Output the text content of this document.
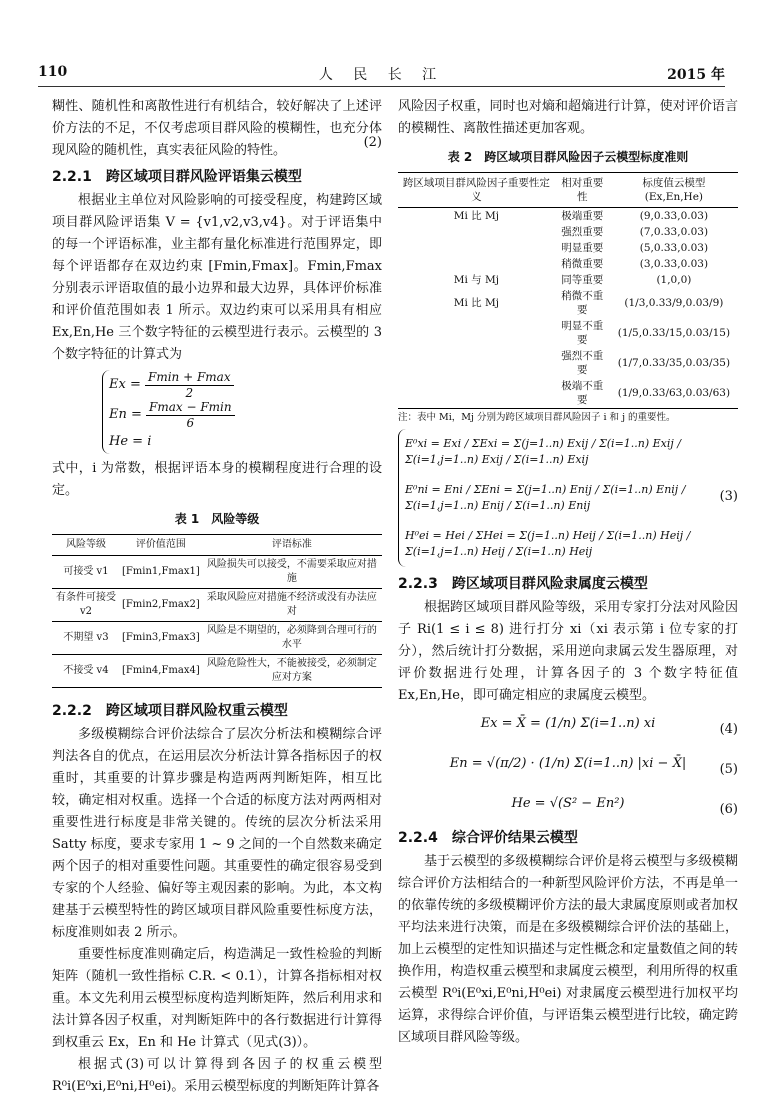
110	人 民 长 江	2015 年

糊性、随机性和离散性进行有机结合，较好解决了上述评价方法的不足，不仅考虑项目群风险的模糊性，也充分体现风险的随机性，真实表征风险的特性。

2.2.1　跨区域项目群风险评语集云模型

根据业主单位对风险影响的可接受程度，构建跨区域项目群风险评语集 V = {v1,v2,v3,v4}。对于评语集中的每一个评语标准，业主都有量化标准进行范围界定，即每个评语都存在双边约束 [Fmin,Fmax]。Fmin,Fmax 分别表示评语取值的最小边界和最大边界，具体评价标准和评价值范围如表 1 所示。双边约束可以采用具有相应 Ex,En,He 三个数字特征的云模型进行表示。云模型的 3 个数字特征的计算式为

Ex =
$\frac{Fmin + Fmax}{2}$
En =
$\frac{Fmax - Fmin}{6}$
He = i
(2)

式中，i 为常数，根据评语本身的模糊程度进行合理的设定。

表 1　风险等级
风险等级	评价值范围	评语标准
可接受 v1	[Fmin1,Fmax1]	风险损失可以接受，不需要采取应对措施
有条件可接受 v2	[Fmin2,Fmax2]	采取风险应对措施不经济或没有办法应对
不期望 v3	[Fmin3,Fmax3]	风险是不期望的，必须降到合理可行的水平
不接受 v4	[Fmin4,Fmax4]	风险危险性大，不能被接受，必须制定应对方案
2.2.2　跨区域项目群风险权重云模型

多级模糊综合评价法综合了层次分析法和模糊综合评判法各自的优点，在运用层次分析法计算各指标因子的权重时，其重要的计算步骤是构造两两判断矩阵，相互比较，确定相对权重。选择一个合适的标度方法对两两相对重要性进行标度是非常关键的。传统的层次分析法采用 Satty 标度，要求专家用 1 ~ 9 之间的一个自然数来确定两个因子的相对重要性问题。其重要性的确定很容易受到专家的个人经验、偏好等主观因素的影响。为此，本文构建基于云模型特性的跨区域项目群风险重要性标度方法，标度准则如表 2 所示。

重要性标度准则确定后，构造满足一致性检验的判断矩阵（随机一致性指标 C.R. < 0.1），计算各指标相对权重。本文先利用云模型标度构造判断矩阵，然后利用求和法计算各因子权重，对判断矩阵中的各行数据进行计算得到权重云 Ex，En 和 He 计算式（见式(3)）。

根据式(3)可以计算得到各因子的权重云模型 R⁰i(E⁰xi,E⁰ni,H⁰ei)。采用云模型标度的判断矩阵计算各

风险因子权重，同时也对熵和超熵进行计算，使对评价语言的模糊性、离散性描述更加客观。

表 2　跨区域项目群风险因子云模型标度准则
跨区域项目群风险因子重要性定义	相对重要性	标度值云模型 (Ex,En,He)
Mi 比 Mj	极端重要	(9,0.33,0.03)
	强烈重要	(7,0.33,0.03)
	明显重要	(5,0.33,0.03)
	稍微重要	(3,0.33,0.03)
Mi 与 Mj	同等重要	(1,0,0)
Mi 比 Mj	稍微不重要	(1/3,0.33/9,0.03/9)
	明显不重要	(1/5,0.33/15,0.03/15)
	强烈不重要	(1/7,0.33/35,0.03/35)
	极端不重要	(1/9,0.33/63,0.03/63)
注：表中 Mi，Mj 分别为跨区域项目群风险因子 i 和 j 的重要性。
E⁰xi = Exi / ΣExi = Σ(j=1..n) Exij / Σ(i=1..n) Exij / Σ(i=1,j=1..n) Exij / Σ(i=1..n) Exij
E⁰ni = Eni / ΣEni = Σ(j=1..n) Enij / Σ(i=1..n) Enij / Σ(i=1,j=1..n) Enij / Σ(i=1..n) Enij
H⁰ei = Hei / ΣHei = Σ(j=1..n) Heij / Σ(i=1..n) Heij / Σ(i=1,j=1..n) Heij / Σ(i=1..n) Heij
(3)
2.2.3　跨区域项目群风险隶属度云模型

根据跨区域项目群风险等级，采用专家打分法对风险因子 Ri(1 ≤ i ≤ 8) 进行打分 xi（xi 表示第 i 位专家的打分），然后统计打分数据，采用逆向隶属云发生器原理，对评价数据进行处理，计算各因子的 3 个数字特征值 Ex,En,He，即可确定相应的隶属度云模型。

Ex = X̄ = (1/n) Σ(i=1..n) xi	(4)
En = √(π/2) · (1/n) Σ(i=1..n) |xi − X̄|	(5)
He = √(S² − En²)	(6)
2.2.4　综合评价结果云模型

基于云模型的多级模糊综合评价是将云模型与多级模糊综合评价方法相结合的一种新型风险评价方法，不再是单一的依靠传统的多级模糊评价方法的最大隶属度原则或者加权平均法来进行决策，而是在多级模糊综合评价法的基础上，加上云模型的定性知识描述与定性概念和定量数值之间的转换作用，构造权重云模型和隶属度云模型，利用所得的权重云模型 R⁰i(E⁰xi,E⁰ni,H⁰ei) 对隶属度云模型进行加权平均运算，求得综合评价值，与评语集云模型进行比较，确定跨区域项目群风险等级。
